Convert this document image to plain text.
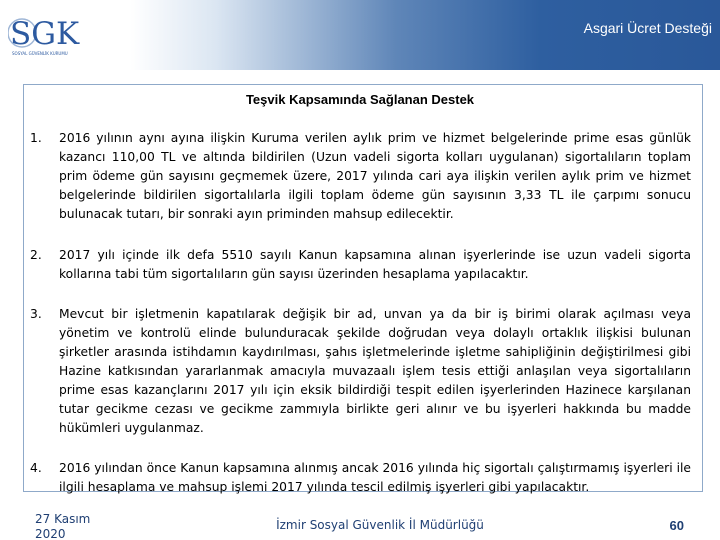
Asgari Ücret Desteği
SGK
SOSYAL GÜVENLİK KURUMU
Teşvik Kapsamında Sağlanan Destek
1. 2016 yılının aynı ayına ilişkin Kuruma verilen aylık prim ve hizmet belgelerinde prime esas günlük kazancı 110,00 TL ve altında bildirilen (Uzun vadeli sigorta kolları uygulanan) sigortalıların toplam prim ödeme gün sayısını geçmemek üzere, 2017 yılında cari aya ilişkin verilen aylık prim ve hizmet belgelerinde bildirilen sigortalılarla ilgili toplam ödeme gün sayısının 3,33 TL ile çarpımı sonucu bulunacak tutarı, bir sonraki ayın priminden mahsup edilecektir.
2. 2017 yılı içinde ilk defa 5510 sayılı Kanun kapsamına alınan işyerlerinde ise uzun vadeli sigorta kollarına tabi tüm sigortalıların gün sayısı üzerinden hesaplama yapılacaktır.
3. Mevcut bir işletmenin kapatılarak değişik bir ad, unvan ya da bir iş birimi olarak açılması veya yönetim ve kontrolü elinde bulunduracak şekilde doğrudan veya dolaylı ortaklık ilişkisi bulunan şirketler arasında istihdamın kaydırılması, şahıs işletmelerinde işletme sahipliğinin değiştirilmesi gibi Hazine katkısından yararlanmak amacıyla muvazaalı işlem tesis ettiği anlaşılan veya sigortalıların prime esas kazançlarını 2017 yılı için eksik bildirdiği tespit edilen işyerlerinden Hazinece karşılanan tutar gecikme cezası ve gecikme zammıyla birlikte geri alınır ve bu işyerleri hakkında bu madde hükümleri uygulanmaz.
4. 2016 yılından önce Kanun kapsamına alınmış ancak 2016 yılında hiç sigortalı çalıştırmamış işyerleri ile ilgili hesaplama ve mahsup işlemi 2017 yılında tescil edilmiş işyerleri gibi yapılacaktır.
27 Kasım
2020
İzmir Sosyal Güvenlik İl Müdürlüğü	60
